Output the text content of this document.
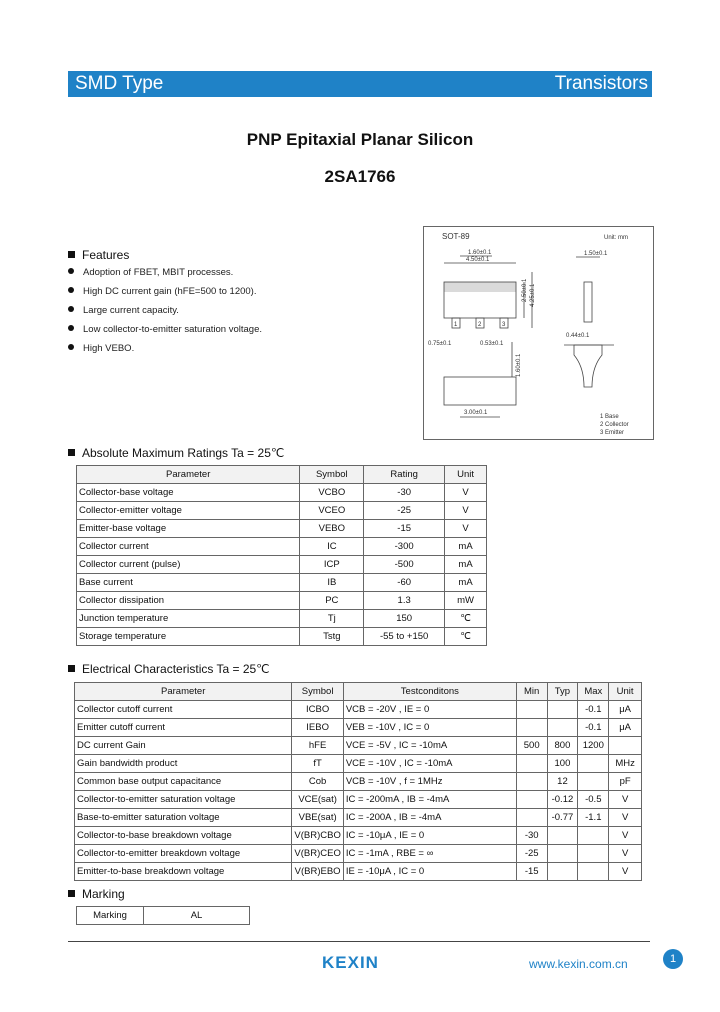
SMD Type	Transistors
PNP Epitaxial Planar Silicon
2SA1766
Features
Adoption of FBET, MBIT processes.
High DC current gain (hFE=500 to 1200).
Large current capacity.
Low collector-to-emitter saturation voltage.
High VEBO.
SOT-89	Unit: mm
4.50±0.1
1.60±0.1
2.50±0.1 4.25±0.1
0.75±0.1	0.53±0.1
1.60±0.1
3.00±0.1
0.44±0.1
1.50±0.1
1	2	3
1 Base
2 Collector
3 Emitter
Absolute Maximum Ratings Ta = 25℃
Parameter	Symbol	Rating	Unit
Collector-base voltage	VCBO	-30	V
Collector-emitter voltage	VCEO	-25	V
Emitter-base voltage	VEBO	-15	V
Collector current	IC	-300	mA
Collector current (pulse)	ICP	-500	mA
Base current	IB	-60	mA
Collector dissipation	PC	1.3	mW
Junction temperature	Tj	150	℃
Storage temperature	Tstg	-55 to +150	℃
Electrical Characteristics Ta = 25℃
Parameter	Symbol	Testconditons	Min	Typ	Max	Unit
Collector cutoff current	ICBO	VCB = -20V , IE = 0			-0.1	μA
Emitter cutoff current	IEBO	VEB = -10V , IC = 0			-0.1	μA
DC current Gain	hFE	VCE = -5V , IC = -10mA	500	800	1200	
Gain bandwidth product	fT	VCE = -10V , IC = -10mA		100		MHz
Common base output capacitance	Cob	VCB = -10V , f = 1MHz		12		pF
Collector-to-emitter saturation voltage	VCE(sat)	IC = -200mA , IB = -4mA		-0.12	-0.5	V
Base-to-emitter saturation voltage	VBE(sat)	IC = -200A , IB = -4mA		-0.77	-1.1	V
Collector-to-base breakdown voltage	V(BR)CBO	IC = -10μA , IE = 0	-30			V
Collector-to-emitter breakdown voltage	V(BR)CEO	IC = -1mA , RBE = ∞	-25			V
Emitter-to-base breakdown voltage	V(BR)EBO	IE = -10μA , IC = 0	-15			V
Marking
Marking	AL
1
KEXIN	www.kexin.com.cn
